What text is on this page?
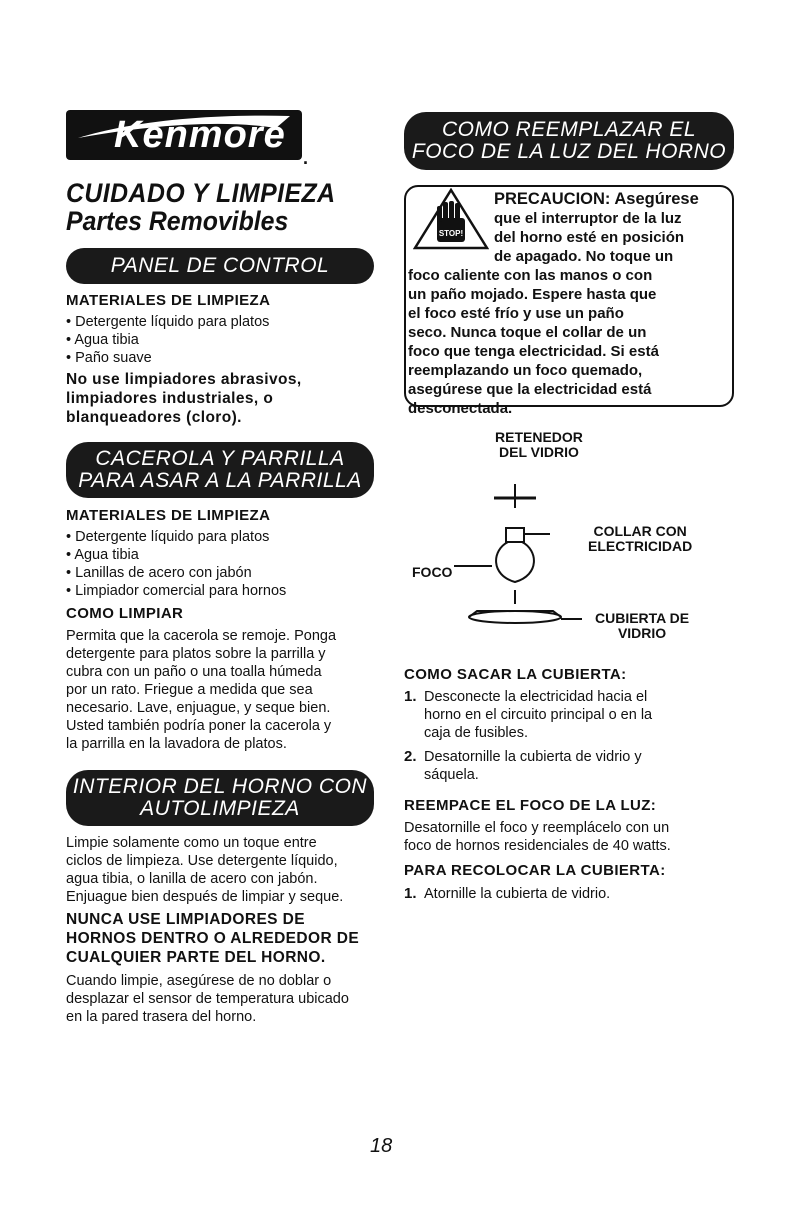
Kenmore
.
CUIDADO Y LIMPIEZA
Partes Removibles
PANEL DE CONTROL
MATERIALES DE LIMPIEZA
• Detergente líquido para platos
• Agua tibia
• Paño suave
No use limpiadores abrasivos,
limpiadores industriales, o
blanqueadores (cloro).
CACEROLA Y PARRILLA
PARA ASAR A LA PARRILLA
MATERIALES DE LIMPIEZA
• Detergente líquido para platos
• Agua tibia
• Lanillas de acero con jabón
• Limpiador comercial para hornos
COMO LIMPIAR
Permita que la cacerola se remoje. Ponga
detergente para platos sobre la parrilla y
cubra con un paño o una toalla húmeda
por un rato. Friegue a medida que sea
necesario. Lave, enjuague, y seque bien.
Usted también podría poner la cacerola y
la parrilla en la lavadora de platos.
INTERIOR DEL HORNO CON
AUTOLIMPIEZA
Limpie solamente como un toque entre
ciclos de limpieza. Use detergente líquido,
agua tibia, o lanilla de acero con jabón.
Enjuague bien después de limpiar y seque.
NUNCA USE LIMPIADORES DE
HORNOS DENTRO O ALREDEDOR DE
CUALQUIER PARTE DEL HORNO.
Cuando limpie, asegúrese de no doblar o
desplazar el sensor de temperatura ubicado
en la pared trasera del horno.
COMO REEMPLAZAR EL
FOCO DE LA LUZ DEL HORNO
STOP!
PRECAUCION: Asegúrese
que el interruptor de la luz
del horno esté en posición
de apagado. No toque un
foco caliente con las manos o con
un paño mojado. Espere hasta que
el foco esté frío y use un paño
seco. Nunca toque el collar de un
foco que tenga electricidad. Si está
reemplazando un foco quemado,
asegúrese que la electricidad está
desconectada.
RETENEDOR
DEL VIDRIO
COLLAR CON
ELECTRICIDAD
FOCO
CUBIERTA DE
VIDRIO
COMO SACAR LA CUBIERTA:
1. Desconecte la electricidad hacia el
horno en el circuito principal o en la
caja de fusibles.
2. Desatornille la cubierta de vidrio y
sáquela.
REEMPACE EL FOCO DE LA LUZ:
Desatornille el foco y reemplácelo con un
foco de hornos residenciales de 40 watts.
PARA RECOLOCAR LA CUBIERTA:
1. Atornille la cubierta de vidrio.
18
